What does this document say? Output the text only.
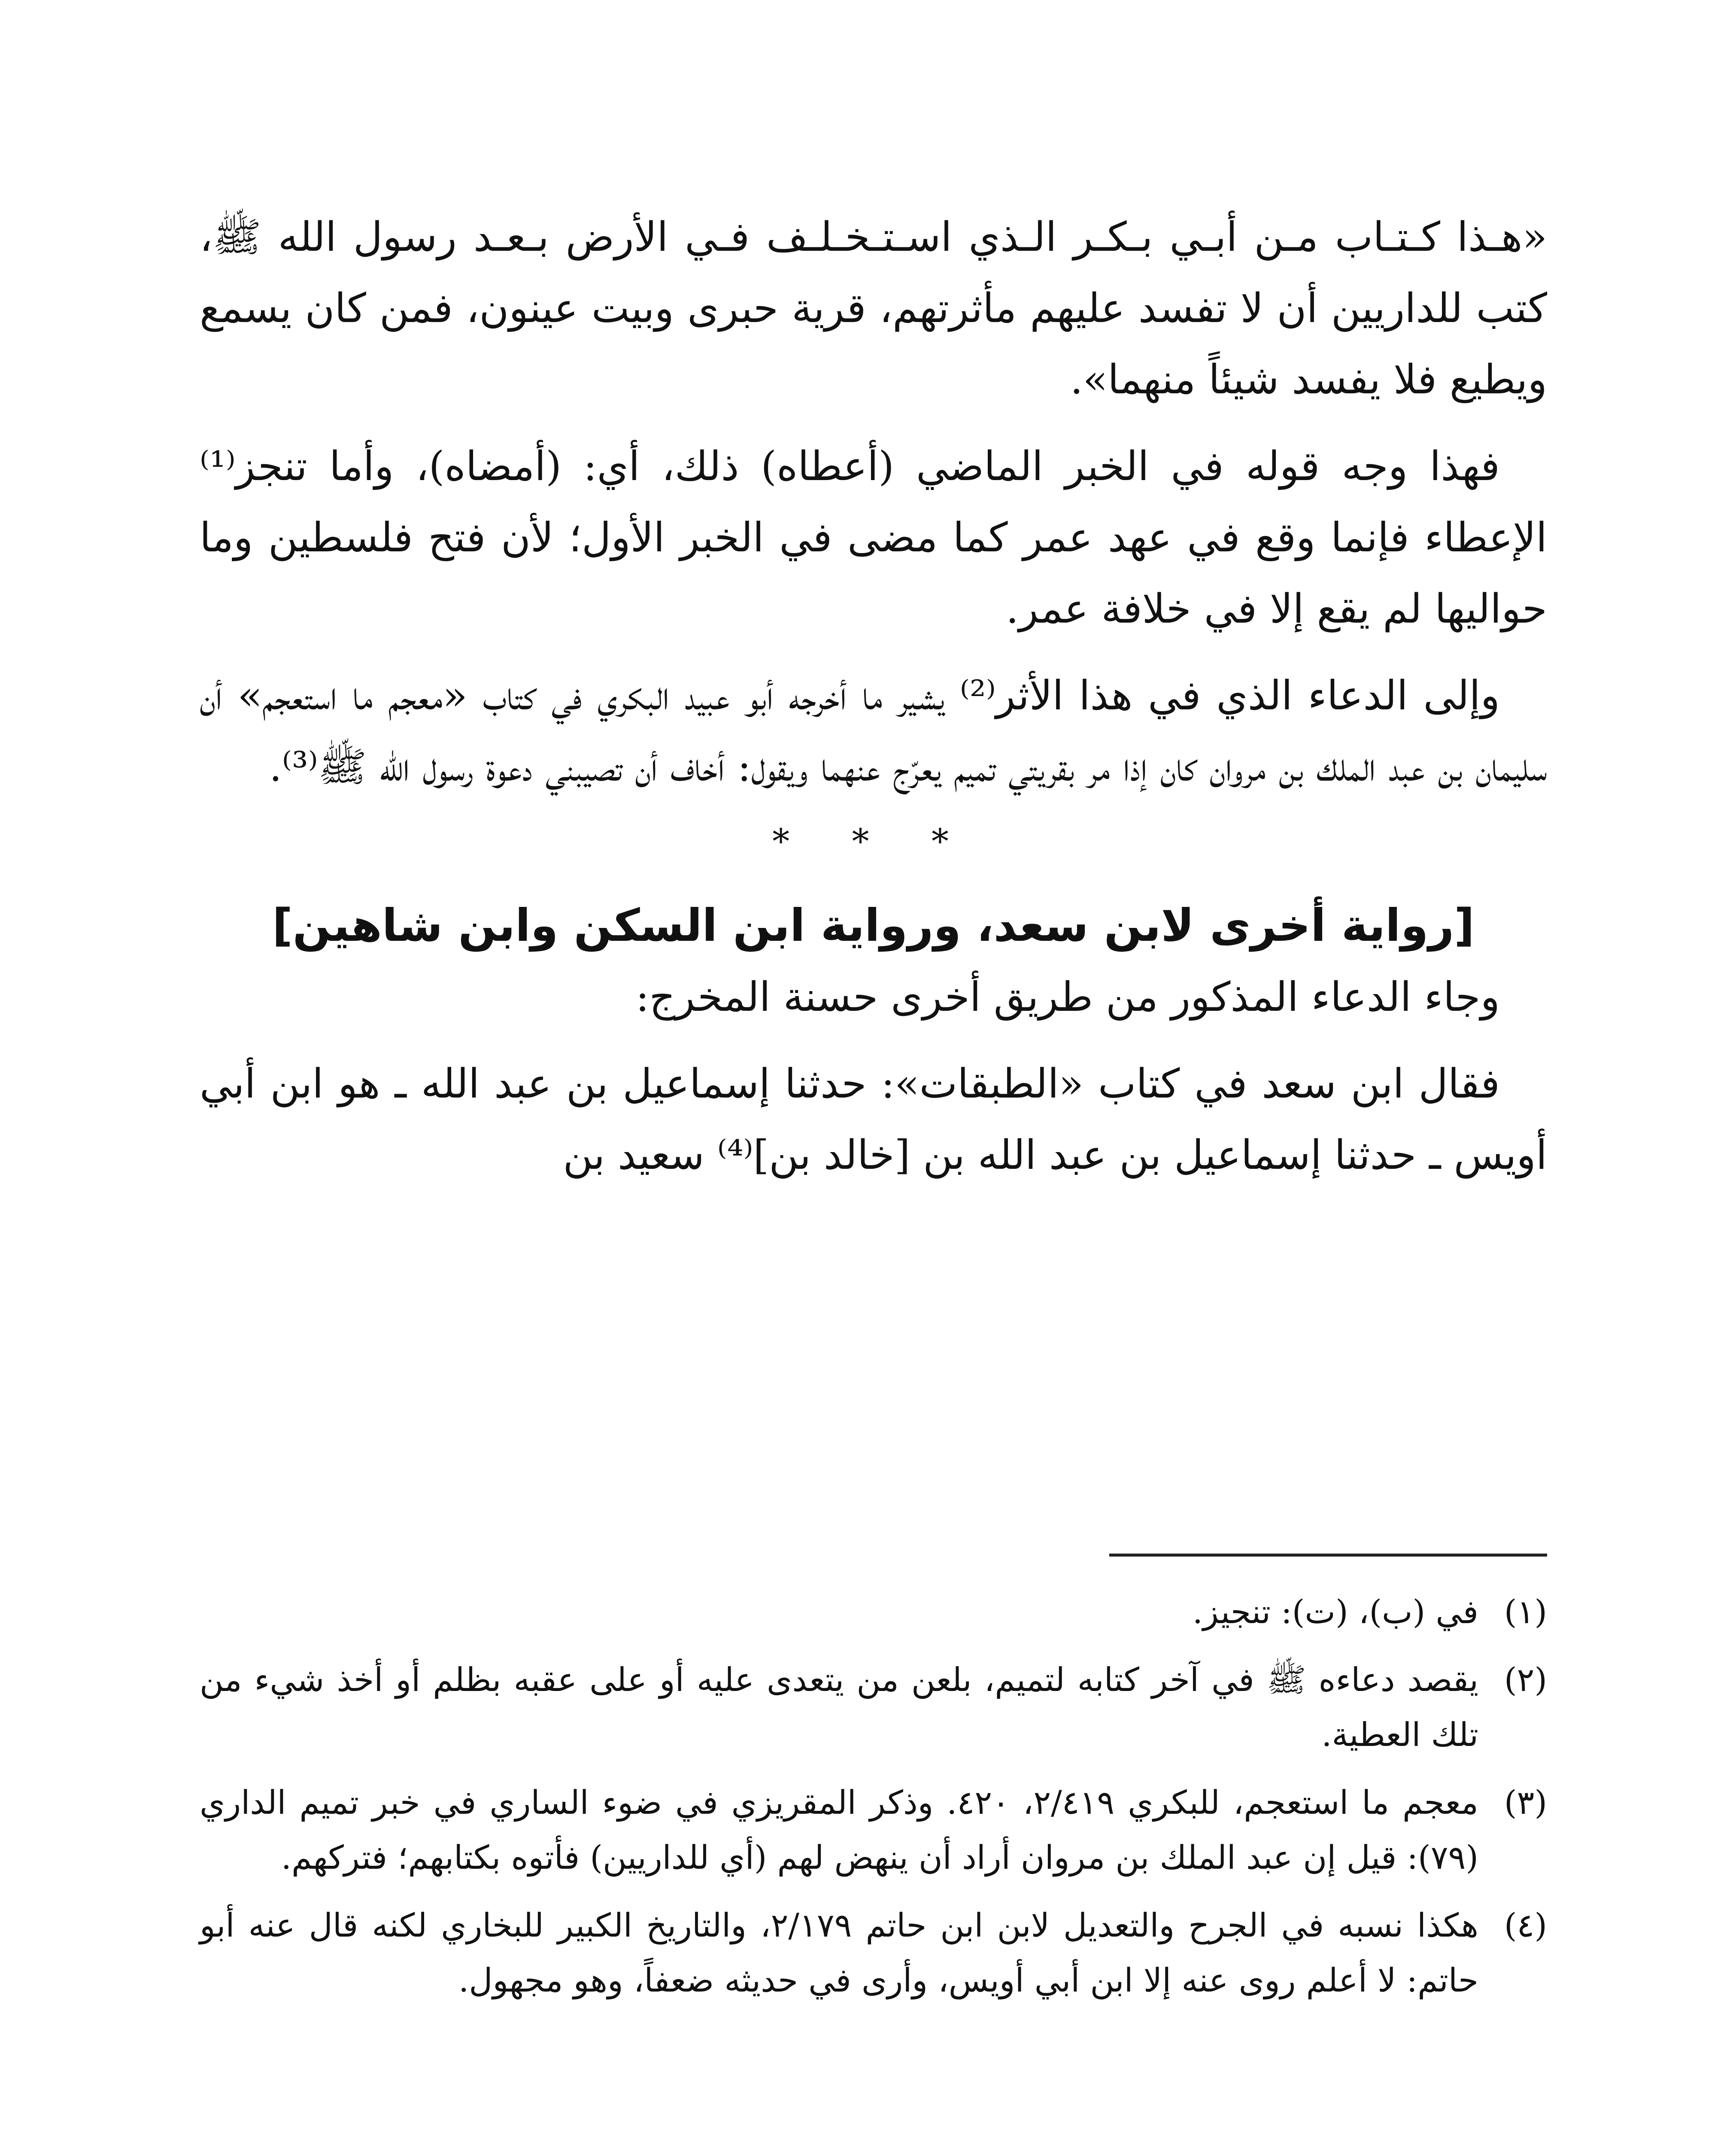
«هـذا كـتـاب مـن أبـي بـكـر الـذي اسـتـخـلـف فـي الأرض بـعـد رسول الله ﷺ، كتب للداريين أن لا تفسد عليهم مأثرتهم، قرية حبرى وبيت عينون، فمن كان يسمع ويطيع فلا يفسد شيئاً منهما».

فهذا وجه قوله في الخبر الماضي (أعطاه) ذلك، أي: (أمضاه)، وأما تنجز⁽¹⁾ الإعطاء فإنما وقع في عهد عمر كما مضى في الخبر الأول؛ لأن فتح فلسطين وما حواليها لم يقع إلا في خلافة عمر.

وإلى الدعاء الذي في هذا الأثر⁽²⁾ يشير ما أخرجه أبو عبيد البكري في كتاب «معجم ما استعجم» أن سليمان بن عبد الملك بن مروان كان إذا مر بقريتي تميم يعرّج عنهما ويقول: أخاف أن تصيبني دعوة رسول الله ﷺ⁽³⁾.

* * *
[رواية أخرى لابن سعد، ورواية ابن السكن وابن شاهين]

وجاء الدعاء المذكور من طريق أخرى حسنة المخرج:

فقال ابن سعد في كتاب «الطبقات»: حدثنا إسماعيل بن عبد الله ـ هو ابن أبي أويس ـ حدثنا إسماعيل بن عبد الله بن [خالد بن]⁽⁴⁾ سعيد بن

(١)
في (ب)، (ت): تنجيز.
(٢)
يقصد دعاءه ﷺ في آخر كتابه لتميم، بلعن من يتعدى عليه أو على عقبه بظلم أو أخذ شيء من تلك العطية.
(٣)
معجم ما استعجم، للبكري ٢/٤١٩، ٤٢٠. وذكر المقريزي في ضوء الساري في خبر تميم الداري (٧٩): قيل إن عبد الملك بن مروان أراد أن ينهض لهم (أي للداريين) فأتوه بكتابهم؛ فتركهم.
(٤)
هكذا نسبه في الجرح والتعديل لابن ابن حاتم ٢/١٧٩، والتاريخ الكبير للبخاري لكنه قال عنه أبو حاتم: لا أعلم روى عنه إلا ابن أبي أويس، وأرى في حديثه ضعفاً، وهو مجهول.
